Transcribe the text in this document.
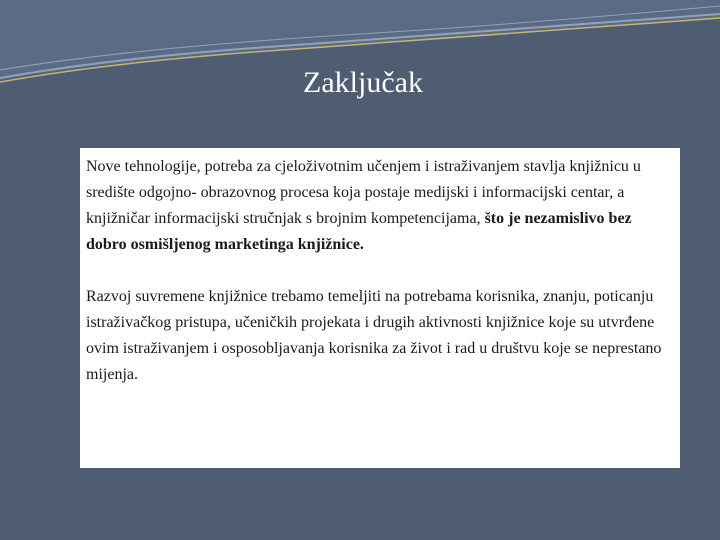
Zaključak

Nove tehnologije, potreba za cjeloživotnim učenjem i istraživanjem stavlja knjižnicu u središte odgojno- obrazovnog procesa koja postaje medijski i informacijski centar, a knjižničar informacijski stručnjak s brojnim kompetencijama, što je nezamislivo bez dobro osmišljenog marketinga knjižnice.

Razvoj suvremene knjižnice trebamo temeljiti na potrebama korisnika, znanju, poticanju istraživačkog pristupa, učeničkih projekata i drugih aktivnosti knjižnice koje su utvrđene ovim istraživanjem i osposobljavanja korisnika za život i rad u društvu koje se neprestano mijenja.
